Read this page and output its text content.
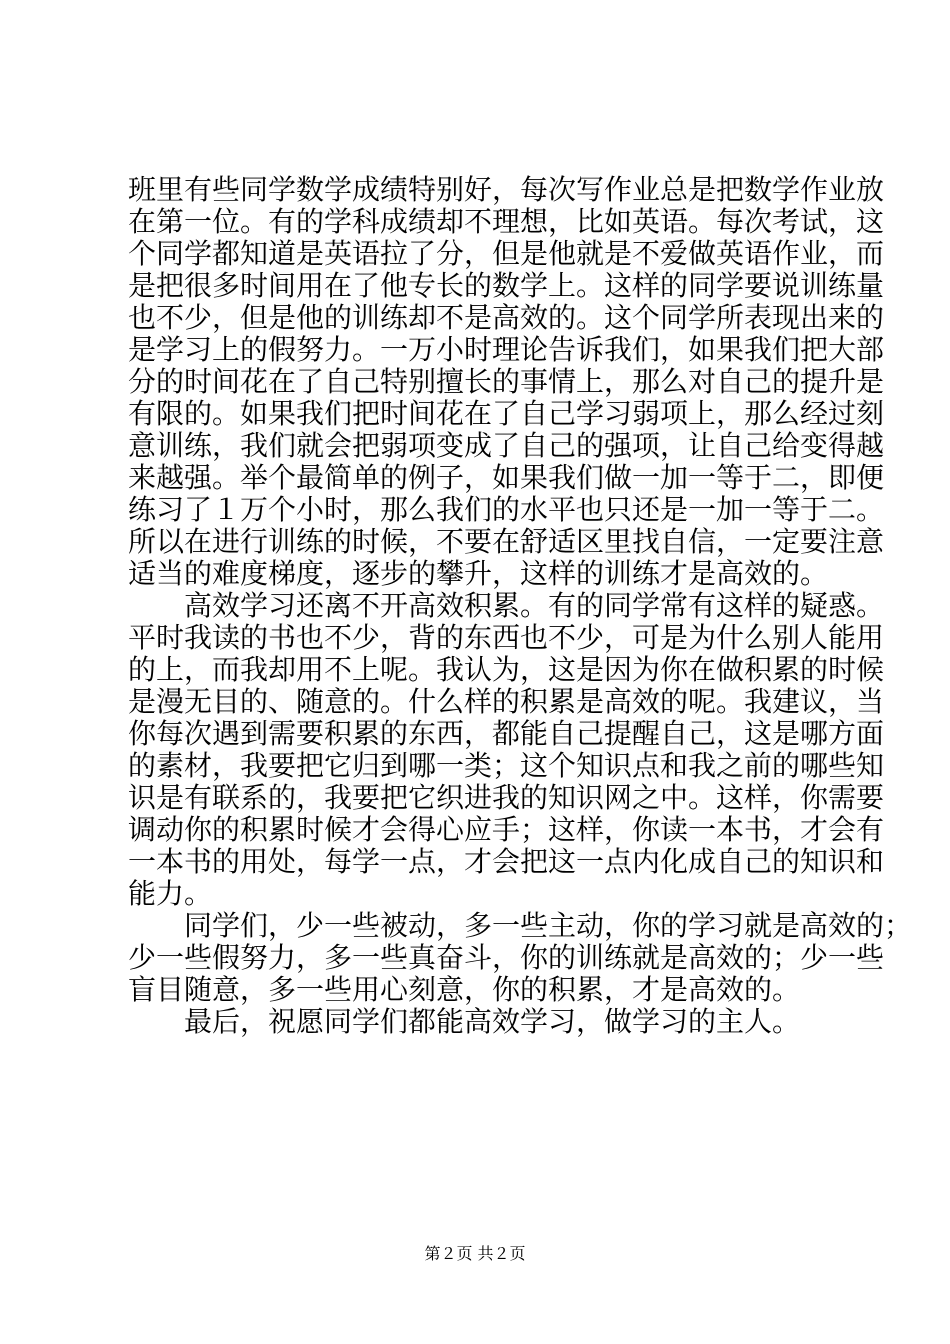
班里有些同学数学成绩特别好，每次写作业总是把数学作业放
在第一位。有的学科成绩却不理想，比如英语。每次考试，这
个同学都知道是英语拉了分，但是他就是不爱做英语作业，而
是把很多时间用在了他专长的数学上。这样的同学要说训练量
也不少，但是他的训练却不是高效的。这个同学所表现出来的
是学习上的假努力。一万小时理论告诉我们，如果我们把大部
分的时间花在了自己特别擅长的事情上，那么对自己的提升是
有限的。如果我们把时间花在了自己学习弱项上，那么经过刻
意训练，我们就会把弱项变成了自己的强项，让自己给变得越
来越强。举个最简单的例子，如果我们做一加一等于二，即便
练习了１万个小时，那么我们的水平也只还是一加一等于二。
所以在进行训练的时候，不要在舒适区里找自信，一定要注意
适当的难度梯度，逐步的攀升，这样的训练才是高效的。
　　高效学习还离不开高效积累。有的同学常有这样的疑惑。
平时我读的书也不少，背的东西也不少，可是为什么别人能用
的上，而我却用不上呢。我认为，这是因为你在做积累的时候
是漫无目的、随意的。什么样的积累是高效的呢。我建议，当
你每次遇到需要积累的东西，都能自己提醒自己，这是哪方面
的素材，我要把它归到哪一类；这个知识点和我之前的哪些知
识是有联系的，我要把它织进我的知识网之中。这样，你需要
调动你的积累时候才会得心应手；这样，你读一本书，才会有
一本书的用处，每学一点，才会把这一点内化成自己的知识和
能力。
　　同学们，少一些被动，多一些主动，你的学习就是高效的；
少一些假努力，多一些真奋斗，你的训练就是高效的；少一些
盲目随意，多一些用心刻意，你的积累，才是高效的。
　　最后，祝愿同学们都能高效学习，做学习的主人。
第２页 共２页
